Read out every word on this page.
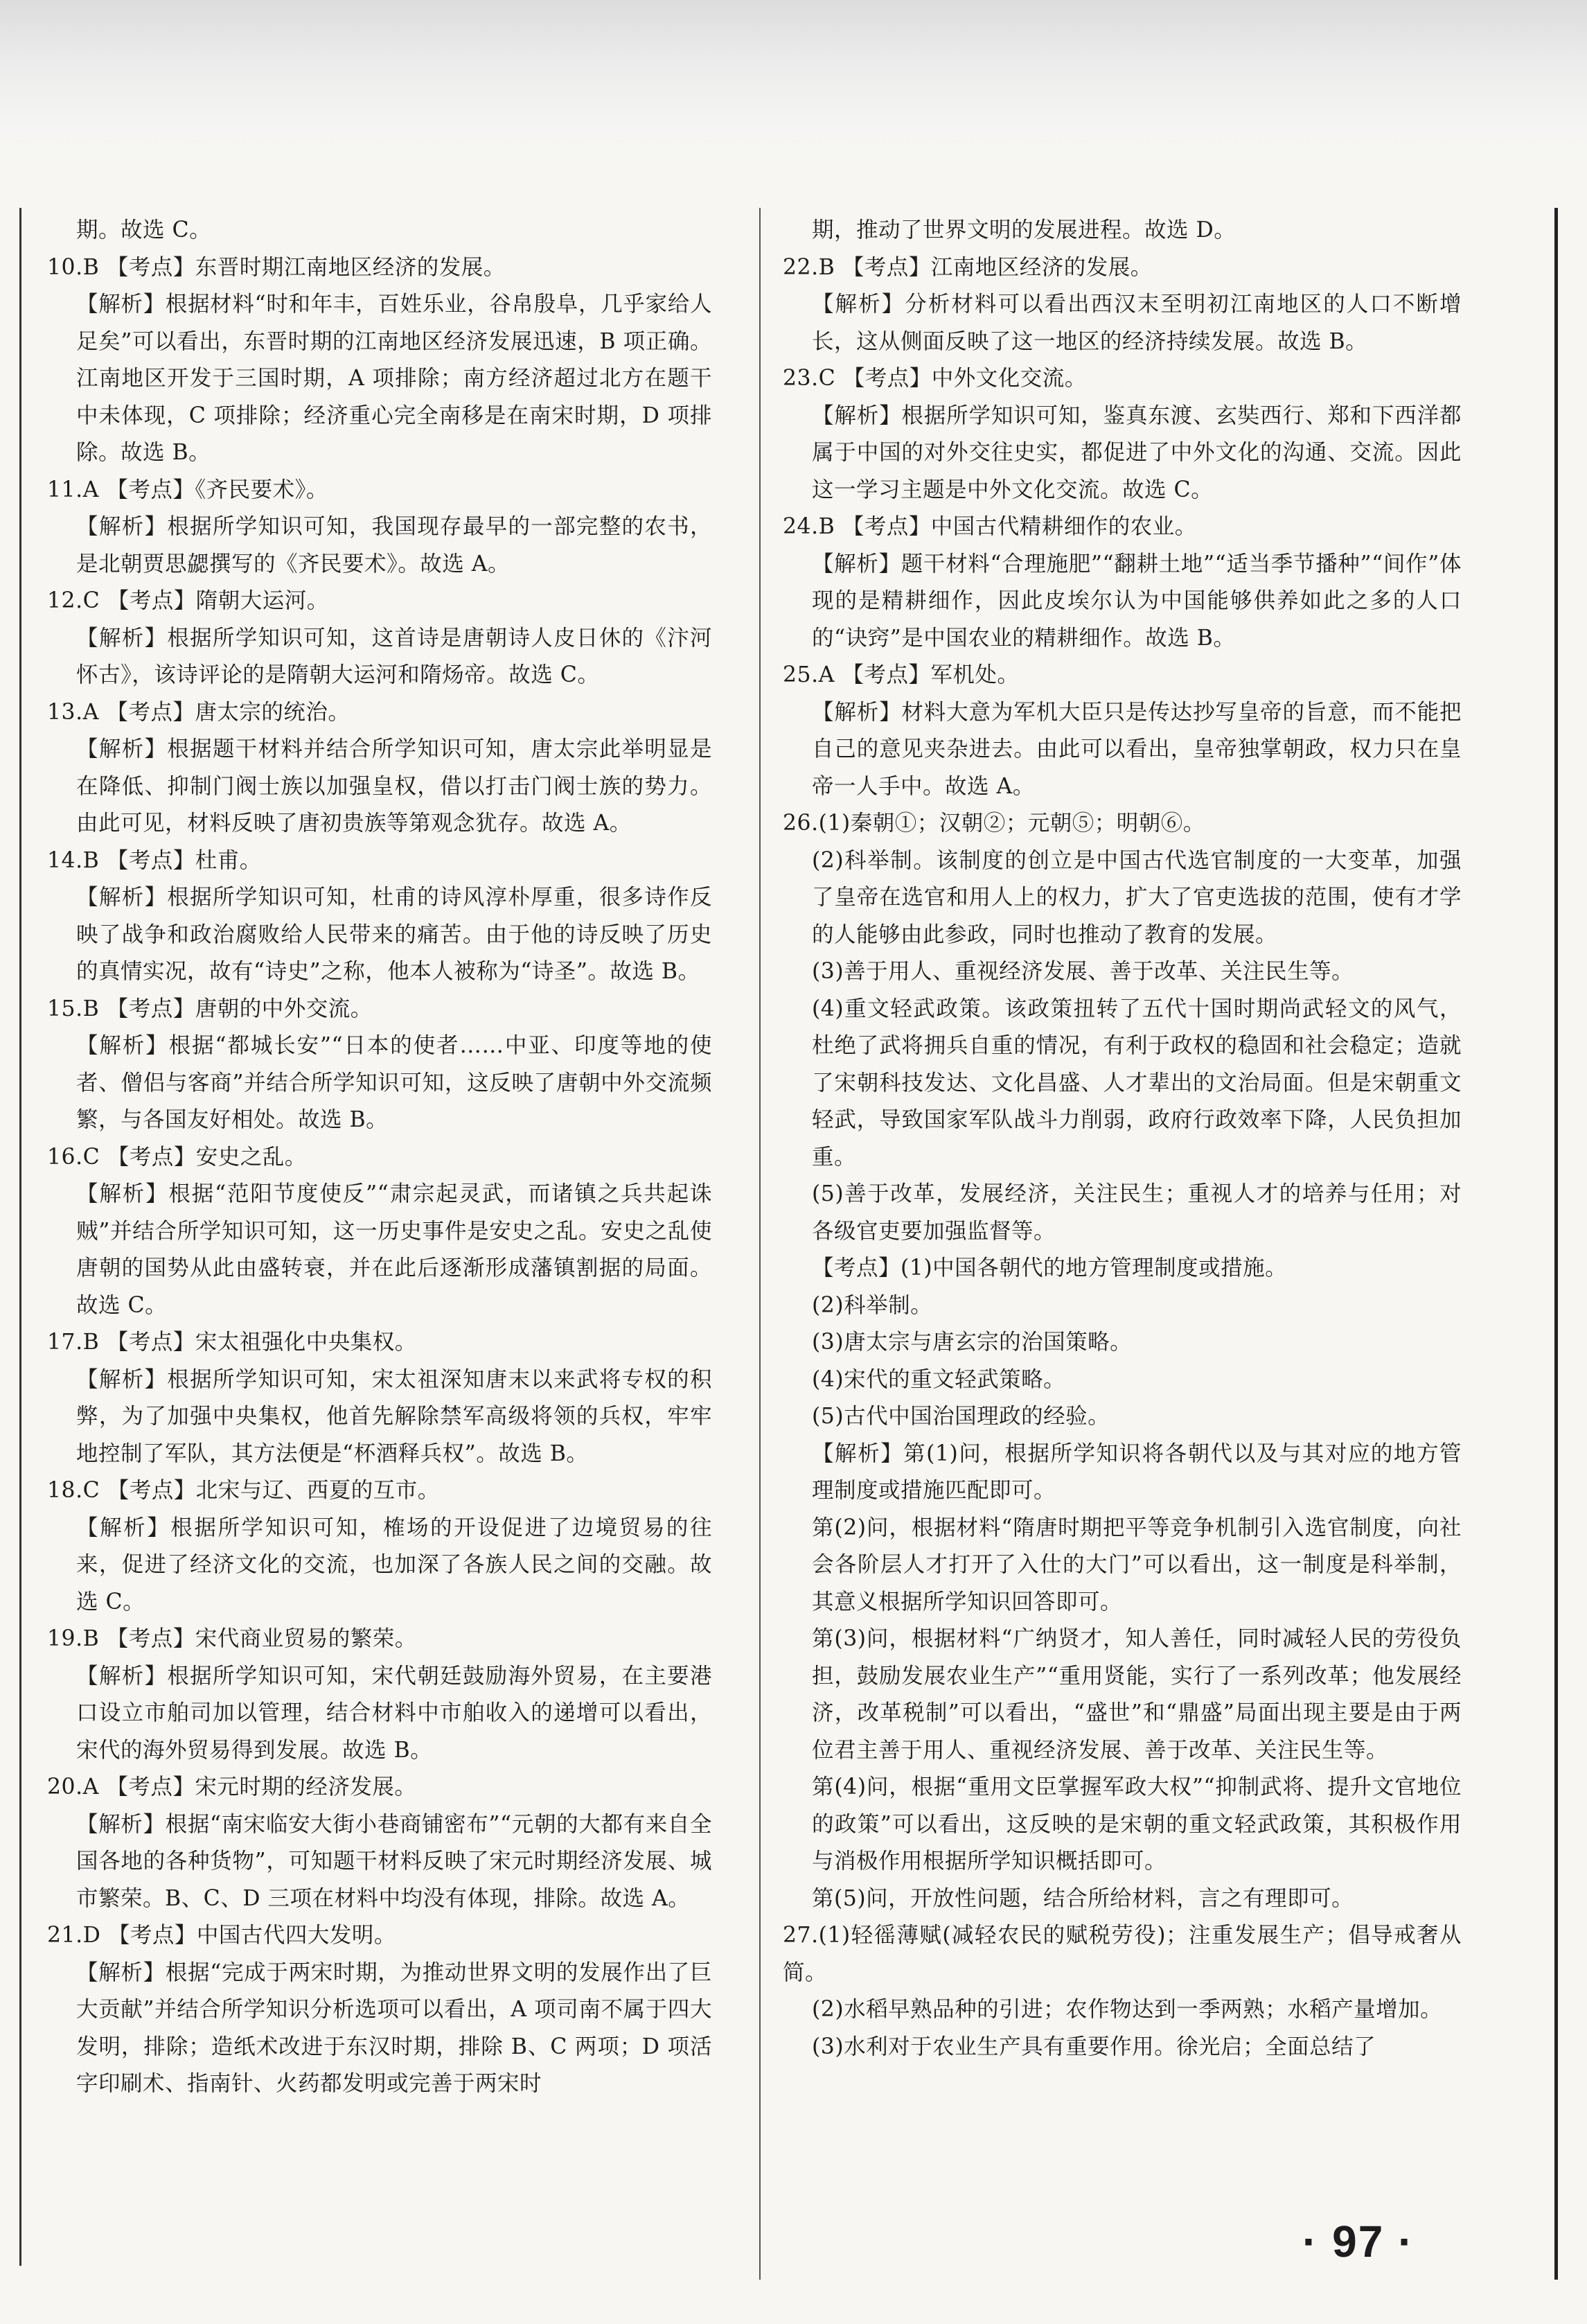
期。故选 C。
10.B 【考点】东晋时期江南地区经济的发展。
【解析】根据材料“时和年丰，百姓乐业，谷帛殷阜，几乎家给人足矣”可以看出，东晋时期的江南地区经济发展迅速，B 项正确。江南地区开发于三国时期，A 项排除；南方经济超过北方在题干中未体现，C 项排除；经济重心完全南移是在南宋时期，D 项排除。故选 B。
11.A 【考点】《齐民要术》。
【解析】根据所学知识可知，我国现存最早的一部完整的农书，是北朝贾思勰撰写的《齐民要术》。故选 A。
12.C 【考点】隋朝大运河。
【解析】根据所学知识可知，这首诗是唐朝诗人皮日休的《汴河怀古》，该诗评论的是隋朝大运河和隋炀帝。故选 C。
13.A 【考点】唐太宗的统治。
【解析】根据题干材料并结合所学知识可知，唐太宗此举明显是在降低、抑制门阀士族以加强皇权，借以打击门阀士族的势力。由此可见，材料反映了唐初贵族等第观念犹存。故选 A。
14.B 【考点】杜甫。
【解析】根据所学知识可知，杜甫的诗风淳朴厚重，很多诗作反映了战争和政治腐败给人民带来的痛苦。由于他的诗反映了历史的真情实况，故有“诗史”之称，他本人被称为“诗圣”。故选 B。
15.B 【考点】唐朝的中外交流。
【解析】根据“都城长安”“日本的使者……中亚、印度等地的使者、僧侣与客商”并结合所学知识可知，这反映了唐朝中外交流频繁，与各国友好相处。故选 B。
16.C 【考点】安史之乱。
【解析】根据“范阳节度使反”“肃宗起灵武，而诸镇之兵共起诛贼”并结合所学知识可知，这一历史事件是安史之乱。安史之乱使唐朝的国势从此由盛转衰，并在此后逐渐形成藩镇割据的局面。故选 C。
17.B 【考点】宋太祖强化中央集权。
【解析】根据所学知识可知，宋太祖深知唐末以来武将专权的积弊，为了加强中央集权，他首先解除禁军高级将领的兵权，牢牢地控制了军队，其方法便是“杯酒释兵权”。故选 B。
18.C 【考点】北宋与辽、西夏的互市。
【解析】根据所学知识可知，榷场的开设促进了边境贸易的往来，促进了经济文化的交流，也加深了各族人民之间的交融。故选 C。
19.B 【考点】宋代商业贸易的繁荣。
【解析】根据所学知识可知，宋代朝廷鼓励海外贸易，在主要港口设立市舶司加以管理，结合材料中市舶收入的递增可以看出，宋代的海外贸易得到发展。故选 B。
20.A 【考点】宋元时期的经济发展。
【解析】根据“南宋临安大街小巷商铺密布”“元朝的大都有来自全国各地的各种货物”，可知题干材料反映了宋元时期经济发展、城市繁荣。B、C、D 三项在材料中均没有体现，排除。故选 A。
21.D 【考点】中国古代四大发明。
【解析】根据“完成于两宋时期，为推动世界文明的发展作出了巨大贡献”并结合所学知识分析选项可以看出，A 项司南不属于四大发明，排除；造纸术改进于东汉时期，排除 B、C 两项；D 项活字印刷术、指南针、火药都发明或完善于两宋时
期，推动了世界文明的发展进程。故选 D。
22.B 【考点】江南地区经济的发展。
【解析】分析材料可以看出西汉末至明初江南地区的人口不断增长，这从侧面反映了这一地区的经济持续发展。故选 B。
23.C 【考点】中外文化交流。
【解析】根据所学知识可知，鉴真东渡、玄奘西行、郑和下西洋都属于中国的对外交往史实，都促进了中外文化的沟通、交流。因此这一学习主题是中外文化交流。故选 C。
24.B 【考点】中国古代精耕细作的农业。
【解析】题干材料“合理施肥”“翻耕土地”“适当季节播种”“间作”体现的是精耕细作，因此皮埃尔认为中国能够供养如此之多的人口的“诀窍”是中国农业的精耕细作。故选 B。
25.A 【考点】军机处。
【解析】材料大意为军机大臣只是传达抄写皇帝的旨意，而不能把自己的意见夹杂进去。由此可以看出，皇帝独掌朝政，权力只在皇帝一人手中。故选 A。
26.(1)秦朝①；汉朝②；元朝⑤；明朝⑥。
(2)科举制。该制度的创立是中国古代选官制度的一大变革，加强了皇帝在选官和用人上的权力，扩大了官吏选拔的范围，使有才学的人能够由此参政，同时也推动了教育的发展。
(3)善于用人、重视经济发展、善于改革、关注民生等。
(4)重文轻武政策。该政策扭转了五代十国时期尚武轻文的风气，杜绝了武将拥兵自重的情况，有利于政权的稳固和社会稳定；造就了宋朝科技发达、文化昌盛、人才辈出的文治局面。但是宋朝重文轻武，导致国家军队战斗力削弱，政府行政效率下降，人民负担加重。
(5)善于改革，发展经济，关注民生；重视人才的培养与任用；对各级官吏要加强监督等。
【考点】(1)中国各朝代的地方管理制度或措施。
(2)科举制。
(3)唐太宗与唐玄宗的治国策略。
(4)宋代的重文轻武策略。
(5)古代中国治国理政的经验。
【解析】第(1)问，根据所学知识将各朝代以及与其对应的地方管理制度或措施匹配即可。
第(2)问，根据材料“隋唐时期把平等竞争机制引入选官制度，向社会各阶层人才打开了入仕的大门”可以看出，这一制度是科举制，其意义根据所学知识回答即可。
第(3)问，根据材料“广纳贤才，知人善任，同时减轻人民的劳役负担，鼓励发展农业生产”“重用贤能，实行了一系列改革；他发展经济，改革税制”可以看出，“盛世”和“鼎盛”局面出现主要是由于两位君主善于用人、重视经济发展、善于改革、关注民生等。
第(4)问，根据“重用文臣掌握军政大权”“抑制武将、提升文官地位的政策”可以看出，这反映的是宋朝的重文轻武政策，其积极作用与消极作用根据所学知识概括即可。
第(5)问，开放性问题，结合所给材料，言之有理即可。
27.(1)轻徭薄赋(减轻农民的赋税劳役)；注重发展生产；倡导戒奢从简。
(2)水稻早熟品种的引进；农作物达到一季两熟；水稻产量增加。
(3)水利对于农业生产具有重要作用。徐光启；全面总结了
· 97 ·
